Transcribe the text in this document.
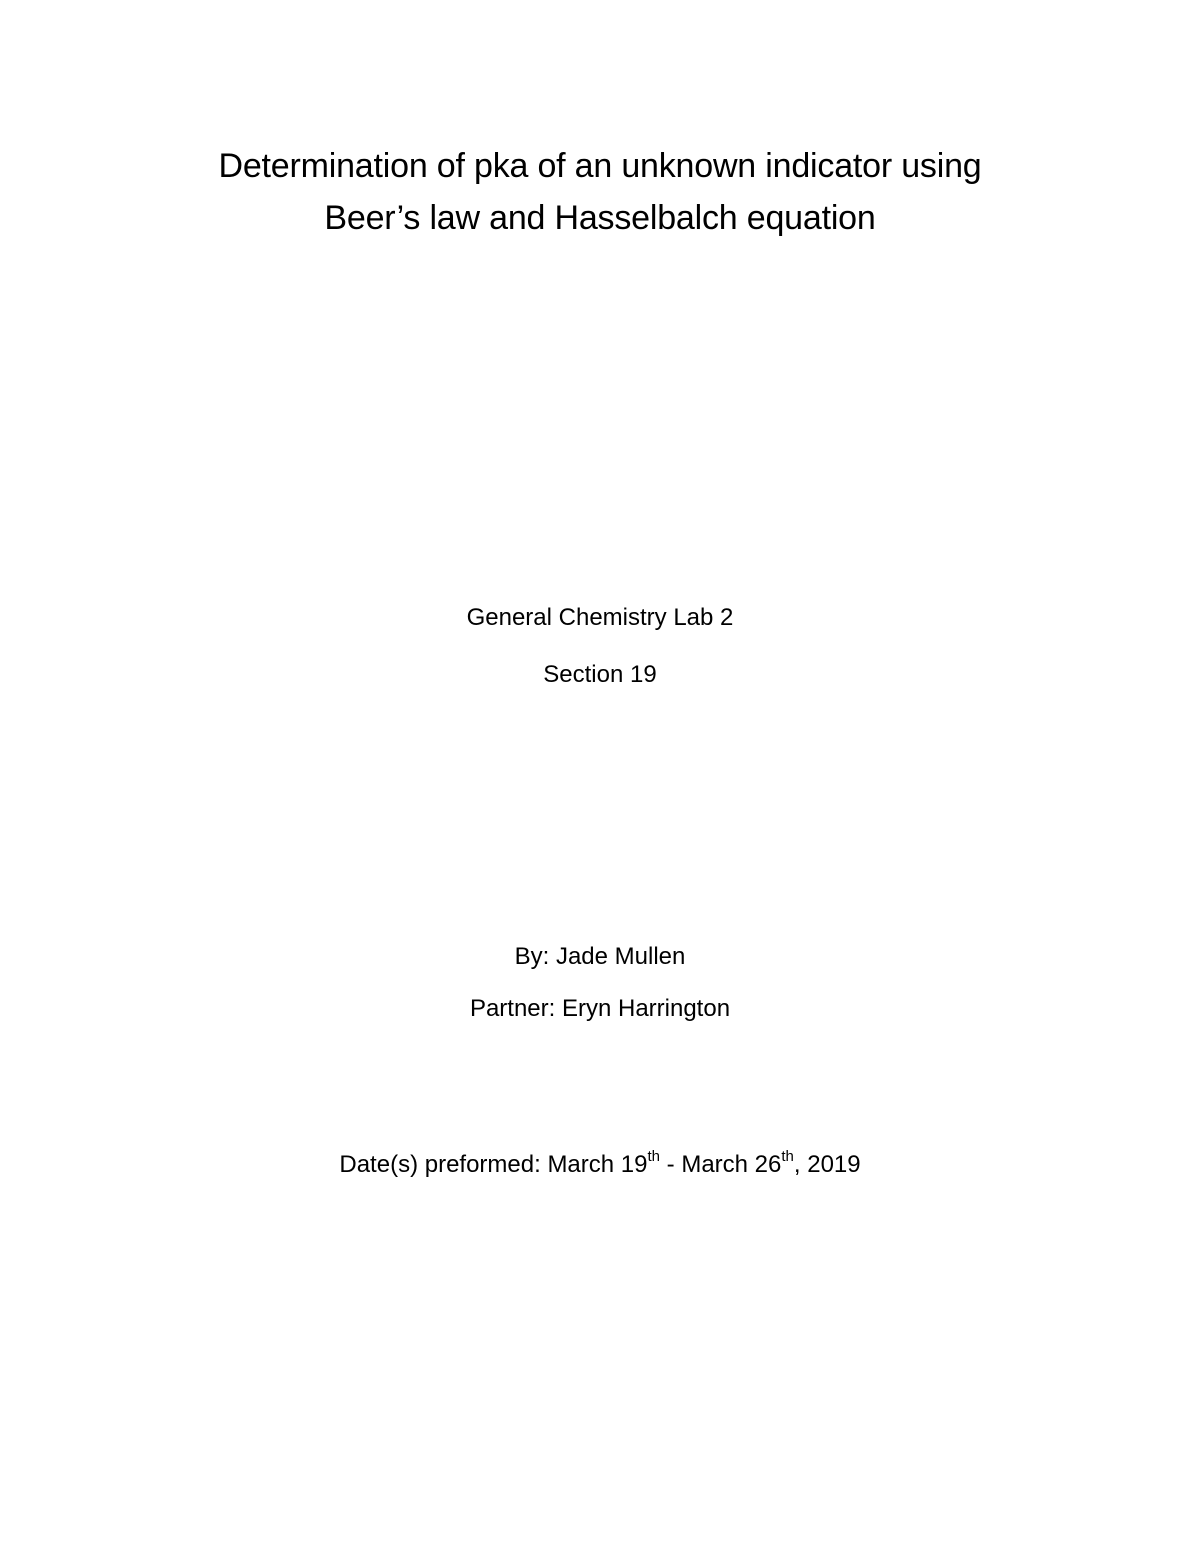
Determination of pka of an unknown indicator using
Beer’s law and Hasselbalch equation
General Chemistry Lab 2
Section 19
By: Jade Mullen
Partner: Eryn Harrington
Date(s) preformed: March 19th - March 26th, 2019
